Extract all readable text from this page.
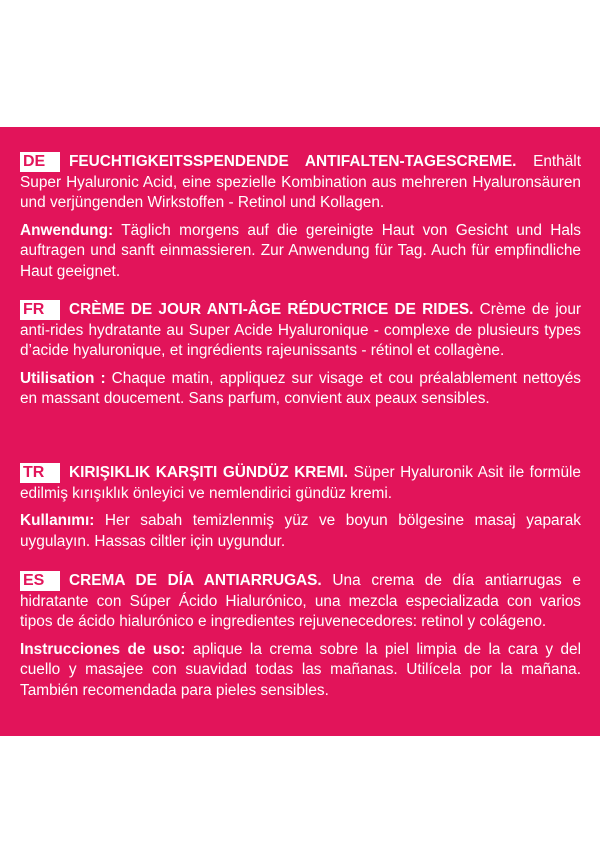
DE FEUCHTIGKEITSSPENDENDE ANTIFALTEN-TAGESCREME. Enthält Super Hyaluronic Acid, eine spezielle Kombination aus mehreren Hyaluronsäuren und verjüngenden Wirkstoffen - Retinol und Kollagen.

Anwendung: Täglich morgens auf die gereinigte Haut von Gesicht und Hals auftragen und sanft einmassieren. Zur Anwendung für Tag. Auch für empfindliche Haut geeignet.

FR CRÈME DE JOUR ANTI-ÂGE RÉDUCTRICE DE RIDES. Crème de jour anti-rides hydratante au Super Acide Hyaluronique - complexe de plusieurs types d’acide hyaluronique, et ingrédients rajeunissants - rétinol et collagène.

Utilisation : Chaque matin, appliquez sur visage et cou préalablement nettoyés en massant doucement. Sans parfum, convient aux peaux sensibles.

TR KIRIŞIKLIK KARŞITI GÜNDÜZ KREMI. Süper Hyaluronik Asit ile formüle edilmiş kırışıklık önleyici ve nemlendirici gündüz kremi.

Kullanımı: Her sabah temizlenmiş yüz ve boyun bölgesine masaj yaparak uygulayın. Hassas ciltler için uygundur.

ES CREMA DE DÍA ANTIARRUGAS. Una crema de día antiarrugas e hidratante con Súper Ácido Hialurónico, una mezcla especializada con varios tipos de ácido hialurónico e ingredientes rejuvenecedores: retinol y colágeno.

Instrucciones de uso: aplique la crema sobre la piel limpia de la cara y del cuello y masajee con suavidad todas las mañanas. Utilícela por la mañana. También recomendada para pieles sensibles.
